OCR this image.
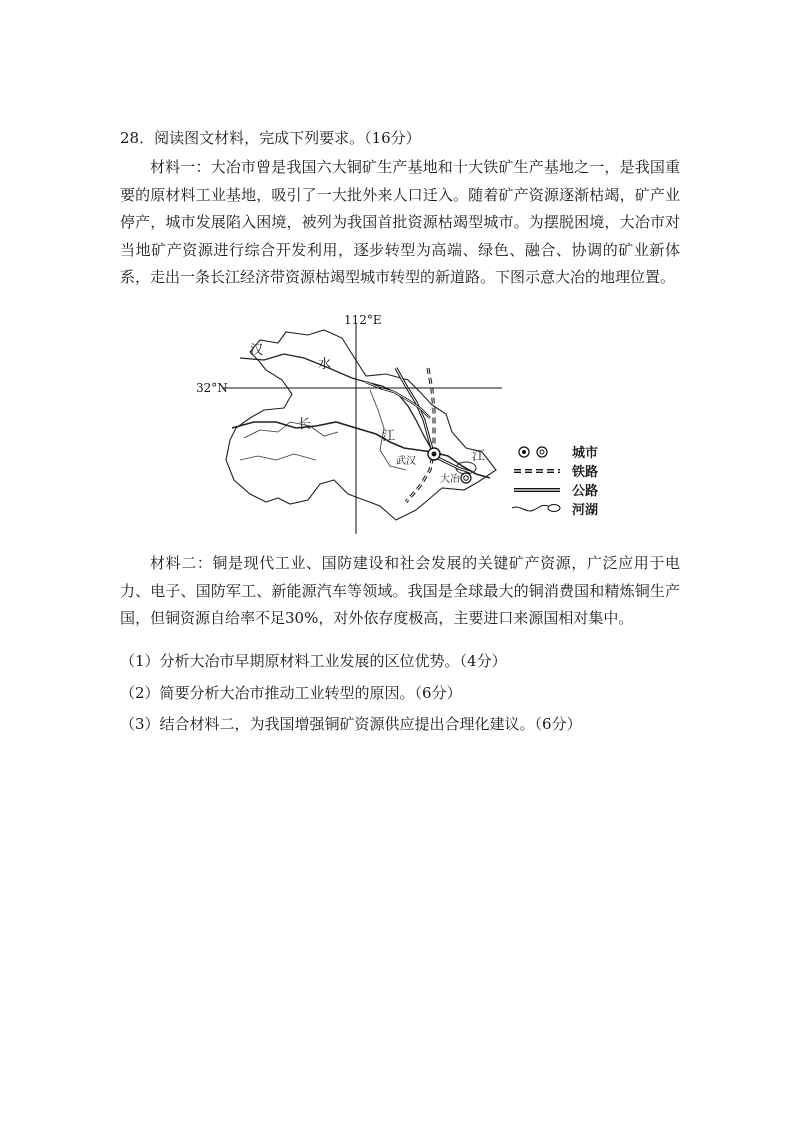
28．阅读图文材料，完成下列要求。（16分）
材料一：大冶市曾是我国六大铜矿生产基地和十大铁矿生产基地之一，是我国重要的原材料工业基地，吸引了一大批外来人口迁入。随着矿产资源逐渐枯竭，矿产业停产，城市发展陷入困境，被列为我国首批资源枯竭型城市。为摆脱困境，大冶市对当地矿产资源进行综合开发利用，逐步转型为高端、绿色、融合、协调的矿业新体系，走出一条长江经济带资源枯竭型城市转型的新道路。下图示意大冶的地理位置。
112°E
32°N
汉
水
长
江
江
武汉
大冶
城市
铁路
公路
河湖
材料二：铜是现代工业、国防建设和社会发展的关键矿产资源，广泛应用于电力、电子、国防军工、新能源汽车等领域。我国是全球最大的铜消费国和精炼铜生产国，但铜资源自给率不足30%，对外依存度极高，主要进口来源国相对集中。
（1）分析大冶市早期原材料工业发展的区位优势。（4分）
（2）简要分析大冶市推动工业转型的原因。（6分）
（3）结合材料二，为我国增强铜矿资源供应提出合理化建议。（6分）
